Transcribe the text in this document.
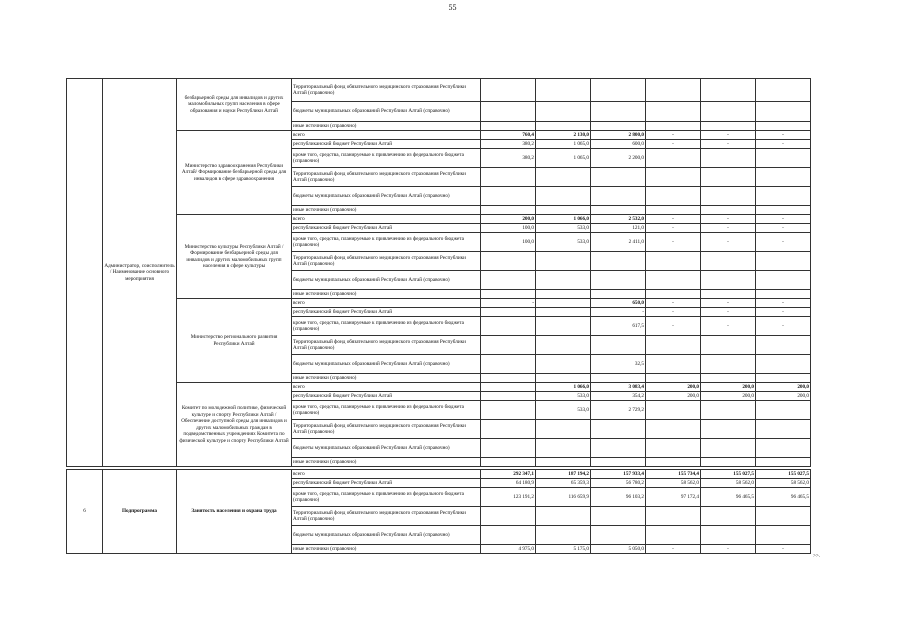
55
	Администратор, соисполнитель / Наименование основного мероприятия	безбарьерной среды для инвалидов и других маломобильных групп населения в сфере образования и науки Республики Алтай	Территориальный фонд обязательного медицинского страхования Республики Алтай (справочно)						
			бюджеты муниципальных образований Республики Алтай (справочно)						
			иные источники (справочно)						
		Министерство здравоохранения Республики Алтай/ Формирование безбарьерной среды для инвалидов в сфере здравоохранения	всего	760,4	2 130,0	2 800,0	-	-	-
			республиканский бюджет Республики Алтай	380,2	1 065,0	600,0	-	-	-
			кроме того, средства, планируемые к привлечению из федерального бюджета (справочно)	380,2	1 065,0	2 200,0			
			Территориальный фонд обязательного медицинского страхования Республики Алтай (справочно)						
			бюджеты муниципальных образований Республики Алтай (справочно)						
			иные источники (справочно)						
		Министерство культуры Республики Алтай / Формирование безбарьерной среды для инвалидов и других маломобильных групп населения в сфере культуры	всего	200,0	1 066,0	2 532,0	-	-	-
			республиканский бюджет Республики Алтай	100,0	533,0	121,0	-	-	-
			кроме того, средства, планируемые к привлечению из федерального бюджета (справочно)	100,0	533,0	2 411,0	-	-	-
			Территориальный фонд обязательного медицинского страхования Республики Алтай (справочно)						
			бюджеты муниципальных образований Республики Алтай (справочно)						
			иные источники (справочно)						
		Министерство регионального развития Республики Алтай	всего	-		650,0	-	-	-
			республиканский бюджет Республики Алтай			-	-	-	-
			кроме того, средства, планируемые к привлечению из федерального бюджета (справочно)			617,5	-	-	-
			Территориальный фонд обязательного медицинского страхования Республики Алтай (справочно)						
			бюджеты муниципальных образований Республики Алтай (справочно)			32,5			
			иные источники (справочно)						
		Комитет по молодежной политике, физической культуре и спорту Республики Алтай / Обеспечение доступной среды для инвалидов и других маломобильных граждан в подведомственных учреждениях Комитета по физической культуре и спорту Республики Алтай	всего		1 066,0	3 083,4	200,0	200,0	200,0
			республиканский бюджет Республики Алтай		533,0	354,2	200,0	200,0	200,0
			кроме того, средства, планируемые к привлечению из федерального бюджета (справочно)		533,0	2 729,2			
			Территориальный фонд обязательного медицинского страхования Республики Алтай (справочно)						
			бюджеты муниципальных образований Республики Алтай (справочно)						
			иные источники (справочно)						
6	Подпрограмма	Занятость населения и охрана труда	всего	292 347,1	187 194,2	157 933,4	155 734,4	155 027,5	155 027,5
			республиканский бюджет Республики Алтай	64 180,9	65 359,3	56 780,2	58 562,0	58 562,0	58 562,0
			кроме того, средства, планируемые к привлечению из федерального бюджета (справочно)	123 191,2	116 659,9	96 103,2	97 172,4	96 465,5	96 465,5
			Территориальный фонд обязательного медицинского страхования Республики Алтай (справочно)						
			бюджеты муниципальных образований Республики Алтай (справочно)						
			иные источники (справочно)	4 975,0	5 175,0	5 050,0	-	-	-
>>.
